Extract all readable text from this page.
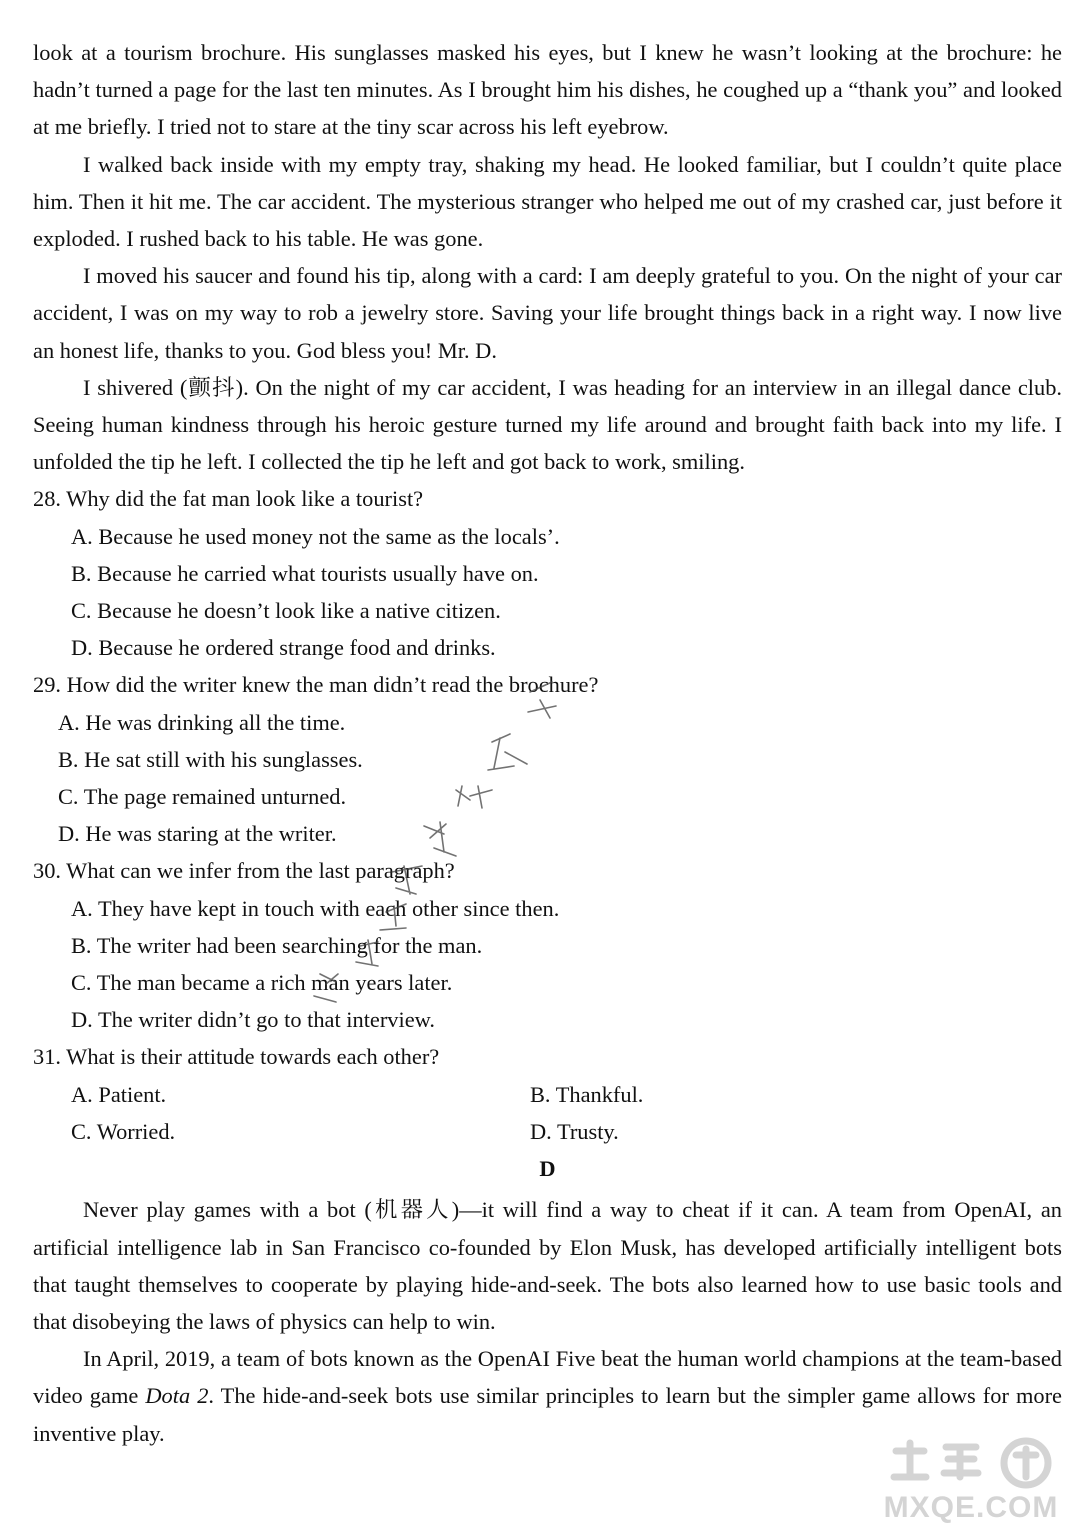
look at a tourism brochure. His sunglasses masked his eyes, but I knew he wasn’t looking at the brochure: he hadn’t turned a page for the last ten minutes. As I brought him his dishes, he coughed up a “thank you” and looked at me briefly. I tried not to stare at the tiny scar across his left eyebrow.

I walked back inside with my empty tray, shaking my head. He looked familiar, but I couldn’t quite place him. Then it hit me. The car accident. The mysterious stranger who helped me out of my crashed car, just before it exploded. I rushed back to his table. He was gone.

I moved his saucer and found his tip, along with a card: I am deeply grateful to you. On the night of your car accident, I was on my way to rob a jewelry store. Saving your life brought things back in a right way. I now live an honest life, thanks to you. God bless you! Mr. D.

I shivered (颤抖). On the night of my car accident, I was heading for an interview in an illegal dance club. Seeing human kindness through his heroic gesture turned my life around and brought faith back into my life. I unfolded the tip he left. I collected the tip he left and got back to work, smiling.

28. Why did the fat man look like a tourist?

A. Because he used money not the same as the locals’.

B. Because he carried what tourists usually have on.

C. Because he doesn’t look like a native citizen.

D. Because he ordered strange food and drinks.

29. How did the writer knew the man didn’t read the brochure?

A. He was drinking all the time.

B. He sat still with his sunglasses.

C. The page remained unturned.

D. He was staring at the writer.

30. What can we infer from the last paragraph?

A. They have kept in touch with each other since then.

B. The writer had been searching for the man.

C. The man became a rich man years later.

D. The writer didn’t go to that interview.

31. What is their attitude towards each other?

A. Patient.	B. Thankful.
C. Worried.	D. Trusty.
D

Never play games with a bot (机器人)—it will find a way to cheat if it can. A team from OpenAI, an artificial intelligence lab in San Francisco co-founded by Elon Musk, has developed artificially intelligent bots that taught themselves to cooperate by playing hide-and-seek. The bots also learned how to use basic tools and that disobeying the laws of physics can help to win.

In April, 2019, a team of bots known as the OpenAI Five beat the human world champions at the team-based video game Dota 2. The hide-and-seek bots use similar principles to learn but the simpler game allows for more inventive play.

MXQE.COM
